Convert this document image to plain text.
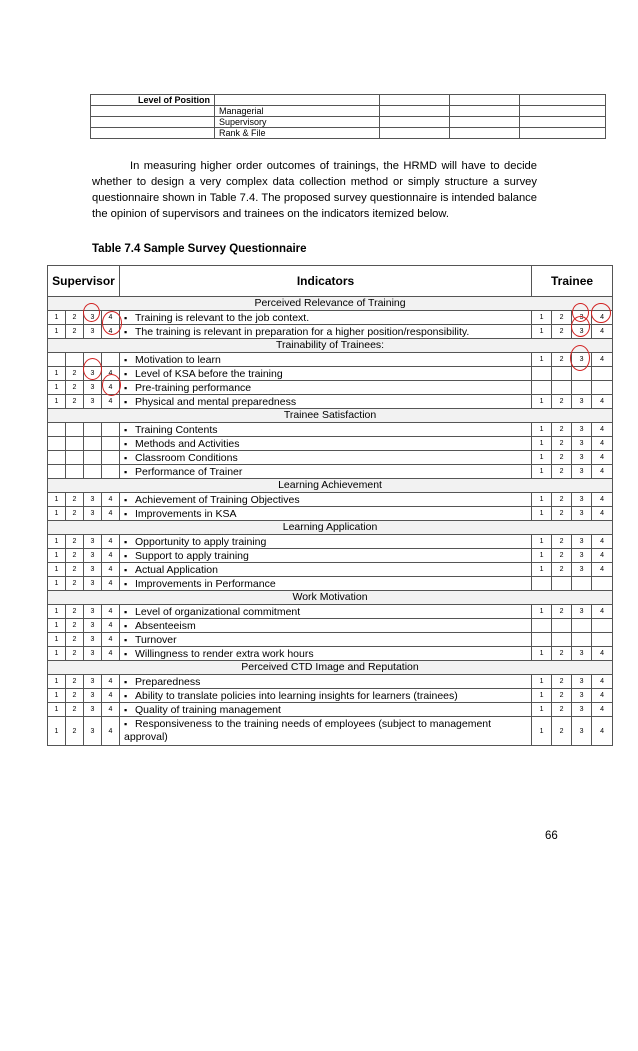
Level of Position				
	Managerial			
	Supervisory			
	Rank & File			
In measuring higher order outcomes of trainings, the HRMD will have to decide whether to design a very complex data collection method or simply structure a survey questionnaire shown in Table 7.4. The proposed survey questionnaire is intended balance the opinion of supervisors and trainees on the indicators itemized below.
Table 7.4 Sample Survey Questionnaire
Supervisor				Indicators	Trainee			
Perceived Relevance of Training								
1	2	3	4	▪ Training is relevant to the job context.	1	2	3	4
1	2	3	4	▪ The training is relevant in preparation for a higher position/responsibility.	1	2	3	4
Trainability of Trainees:								
				▪ Motivation to learn	1	2	3	4
1	2	3	4	▪ Level of KSA before the training				
1	2	3	4	▪ Pre-training performance				
1	2	3	4	▪ Physical and mental preparedness	1	2	3	4
Trainee Satisfaction								
				▪ Training Contents	1	2	3	4
				▪ Methods and Activities	1	2	3	4
				▪ Classroom Conditions	1	2	3	4
				▪ Performance of Trainer	1	2	3	4
Learning Achievement								
1	2	3	4	▪ Achievement of Training Objectives	1	2	3	4
1	2	3	4	▪ Improvements in KSA	1	2	3	4
Learning Application								
1	2	3	4	▪ Opportunity to apply training	1	2	3	4
1	2	3	4	▪ Support to apply training	1	2	3	4
1	2	3	4	▪ Actual Application	1	2	3	4
1	2	3	4	▪ Improvements in Performance				
Work Motivation								
1	2	3	4	▪ Level of organizational commitment	1	2	3	4
1	2	3	4	▪ Absenteeism				
1	2	3	4	▪ Turnover				
1	2	3	4	▪ Willingness to render extra work hours	1	2	3	4
Perceived CTD Image and Reputation								
1	2	3	4	▪ Preparedness	1	2	3	4
1	2	3	4	▪ Ability to translate policies into learning insights for learners (trainees)	1	2	3	4
1	2	3	4	▪ Quality of training management	1	2	3	4
1	2	3	4	▪ Responsiveness to the training needs of employees (subject to management approval)	1	2	3	4
66
